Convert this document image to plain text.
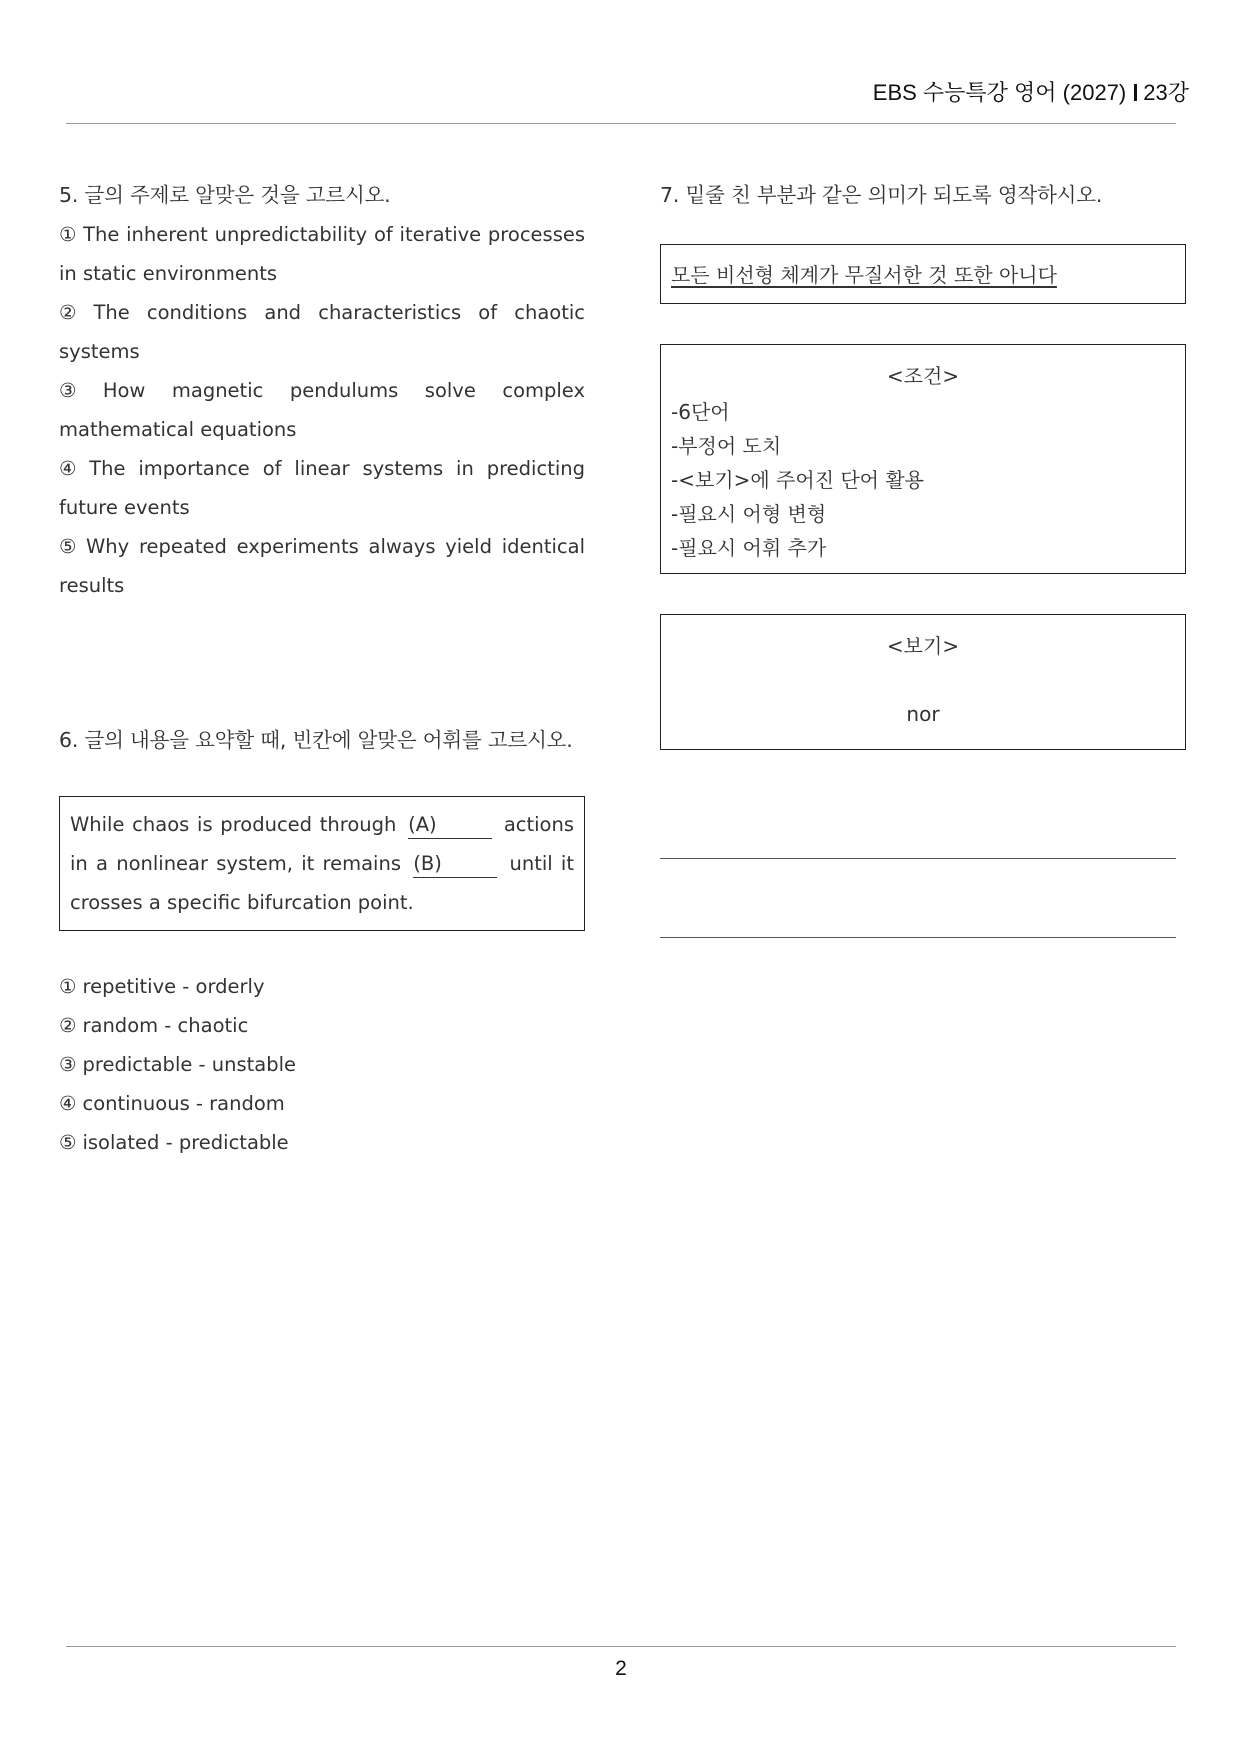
EBS 수능특강 영어 (2027) 23강
5. 글의 주제로 알맞은 것을 고르시오.
① The inherent unpredictability of iterative processes in static environments
② The conditions and characteristics of chaotic systems
③ How magnetic pendulums solve complex mathematical equations
④ The importance of linear systems in predicting future events
⑤ Why repeated experiments always yield identical results
6. 글의 내용을 요약할 때, 빈칸에 알맞은 어휘를 고르시오.
While chaos is produced through (A)	actions in a nonlinear system, it remains (B)	until it crosses a specific bifurcation point.
① repetitive - orderly
② random - chaotic
③ predictable - unstable
④ continuous - random
⑤ isolated - predictable
7. 밑줄 친 부분과 같은 의미가 되도록 영작하시오.
모든 비선형 체계가 무질서한 것 또한 아니다
<조건>
-6단어
-부정어 도치
-<보기>에 주어진 단어 활용
-필요시 어형 변형
-필요시 어휘 추가
<보기>
nor
2
